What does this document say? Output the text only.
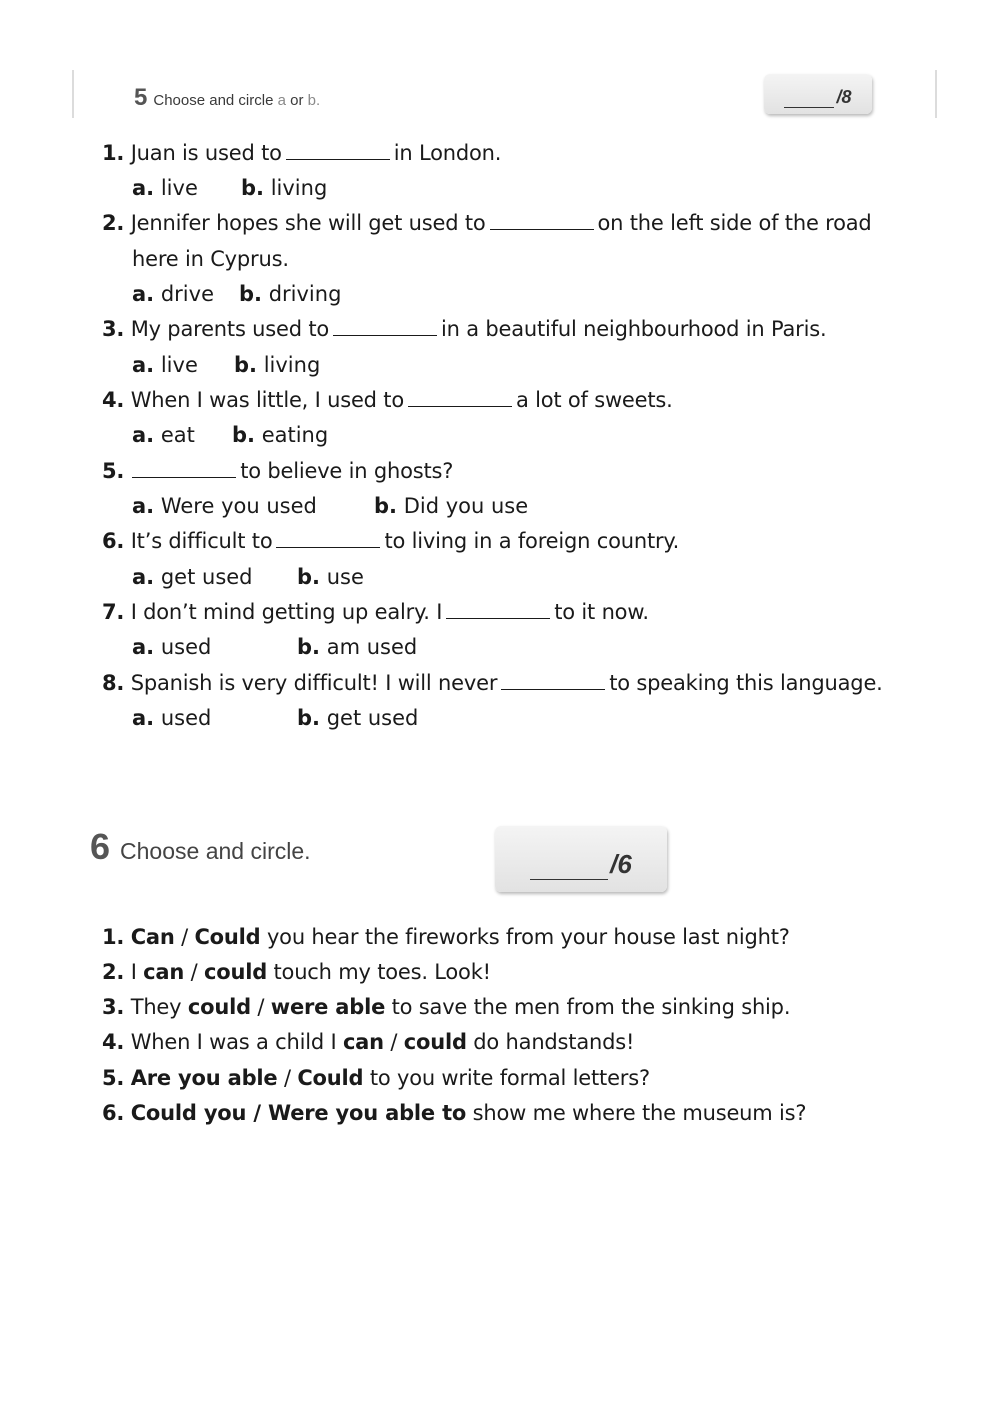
5 Choose and circle a or b.	/8
1. Juan is used to	in London.
a. live b. living
2. Jennifer hopes she will get used to	on the left side of the road
here in Cyprus.
a. drive b. driving
3. My parents used to	in a beautiful neighbourhood in Paris.
a. live b. living
4. When I was little, I used to	a lot of sweets.
a. eat b. eating
5.	to believe in ghosts?
a. Were you used	b. Did you use
6. It’s difficult to	to living in a foreign country.
a. get used b. use
7. I don’t mind getting up ealry. I	to it now.
a. used	b. am used
8. Spanish is very difficult! I will never	to speaking this language.
a. used	b. get used
6 Choose and circle.	/6
1. Can / Could you hear the fireworks from your house last night?
2. I can / could touch my toes. Look!
3. They could / were able to save the men from the sinking ship.
4. When I was a child I can / could do handstands!
5. Are you able / Could to you write formal letters?
6. Could you / Were you able to show me where the museum is?
